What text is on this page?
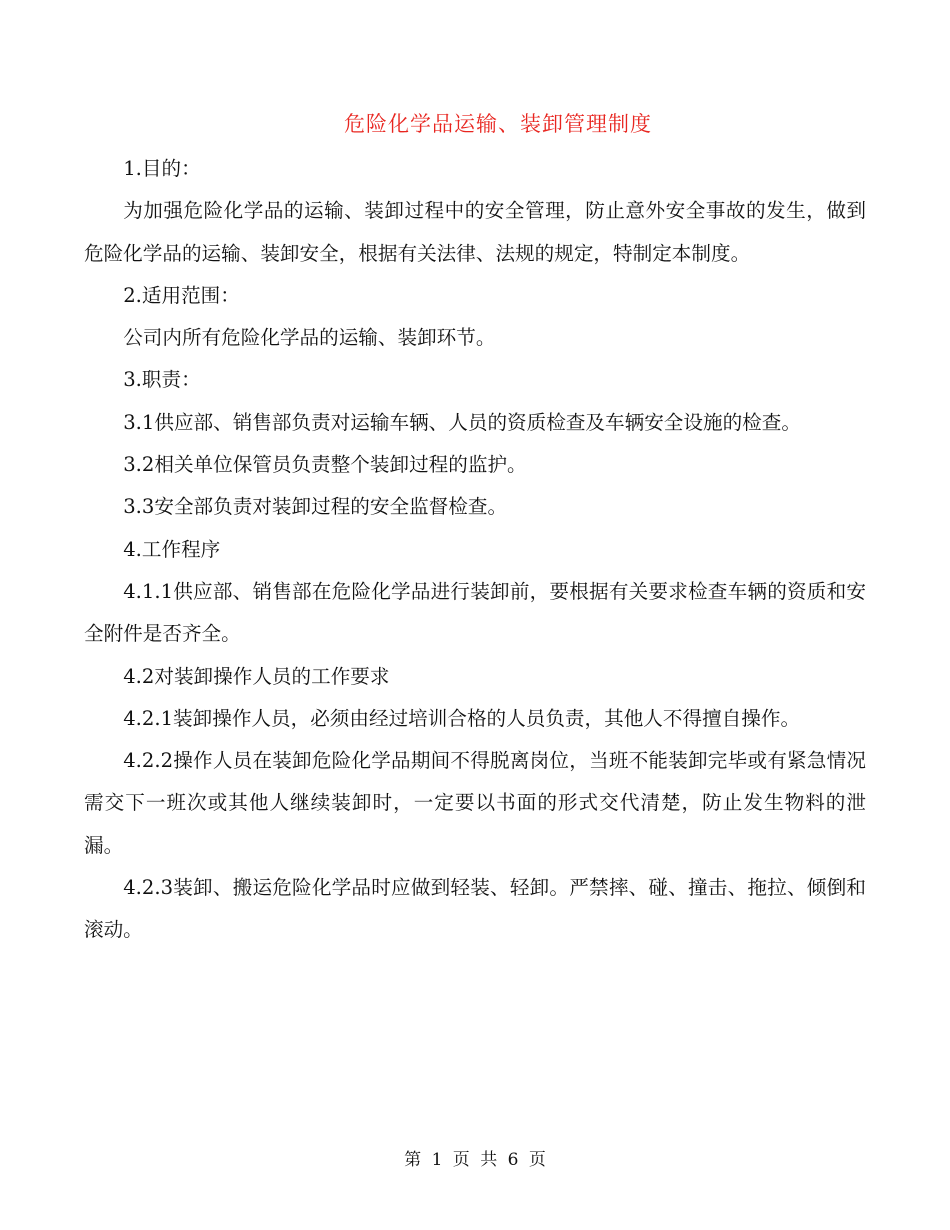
危险化学品运输、装卸管理制度

1.目的：

为加强危险化学品的运输、装卸过程中的安全管理，防止意外安全事故的发生，做到危险化学品的运输、装卸安全，根据有关法律、法规的规定，特制定本制度。

2.适用范围：

公司内所有危险化学品的运输、装卸环节。

3.职责：

3.1供应部、销售部负责对运输车辆、人员的资质检查及车辆安全设施的检查。

3.2相关单位保管员负责整个装卸过程的监护。

3.3安全部负责对装卸过程的安全监督检查。

4.工作程序

4.1.1供应部、销售部在危险化学品进行装卸前，要根据有关要求检查车辆的资质和安全附件是否齐全。

4.2对装卸操作人员的工作要求

4.2.1装卸操作人员，必须由经过培训合格的人员负责，其他人不得擅自操作。

4.2.2操作人员在装卸危险化学品期间不得脱离岗位，当班不能装卸完毕或有紧急情况需交下一班次或其他人继续装卸时，一定要以书面的形式交代清楚，防止发生物料的泄漏。

4.2.3装卸、搬运危险化学品时应做到轻装、轻卸。严禁摔、碰、撞击、拖拉、倾倒和滚动。

第 1 页 共 6 页
